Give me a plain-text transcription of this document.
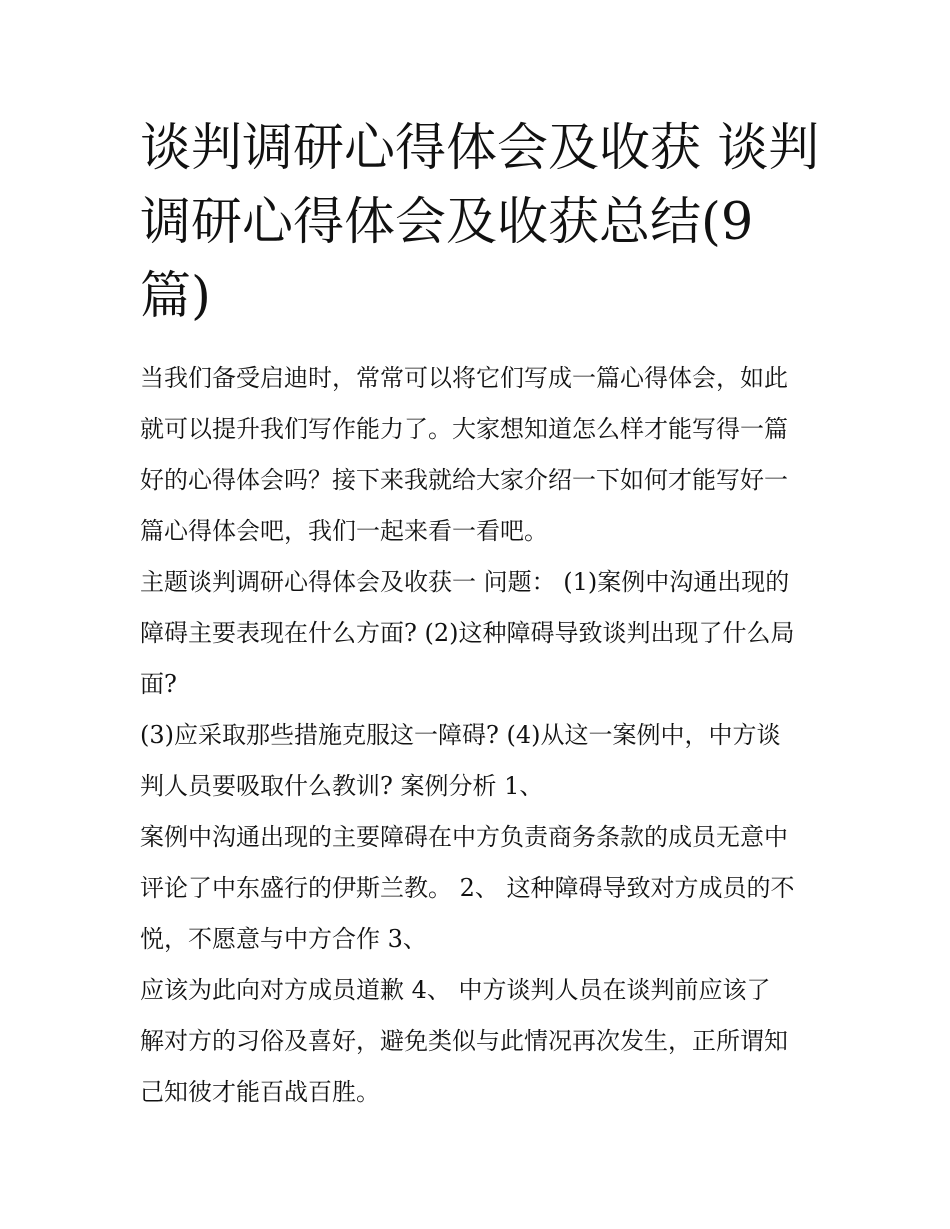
谈判调研心得体会及收获 谈判
调研心得体会及收获总结(9
篇)
当我们备受启迪时，常常可以将它们写成一篇心得体会，如此
就可以提升我们写作能力了。大家想知道怎么样才能写得一篇
好的心得体会吗？接下来我就给大家介绍一下如何才能写好一
篇心得体会吧，我们一起来看一看吧。
主题谈判调研心得体会及收获一 问题： (1)案例中沟通出现的
障碍主要表现在什么方面? (2)这种障碍导致谈判出现了什么局
面?
(3)应采取那些措施克服这一障碍? (4)从这一案例中，中方谈
判人员要吸取什么教训? 案例分析 1、
案例中沟通出现的主要障碍在中方负责商务条款的成员无意中
评论了中东盛行的伊斯兰教。 2、 这种障碍导致对方成员的不
悦，不愿意与中方合作 3、
应该为此向对方成员道歉 4、 中方谈判人员在谈判前应该了
解对方的习俗及喜好，避免类似与此情况再次发生，正所谓知
己知彼才能百战百胜。
